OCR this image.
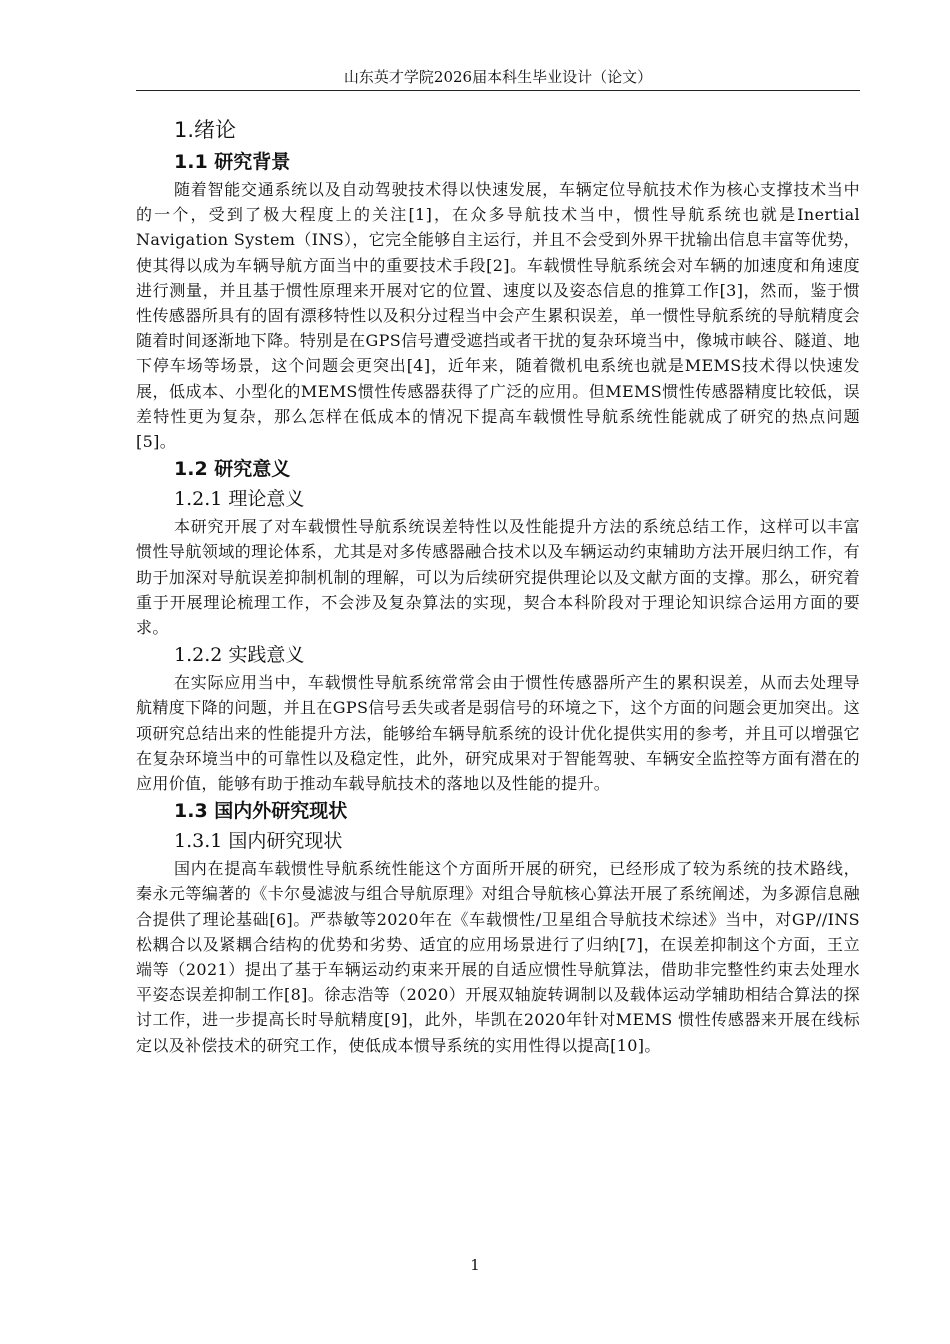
山东英才学院2026届本科生毕业设计（论文）
1.绪论
1.1 研究背景

随着智能交通系统以及自动驾驶技术得以快速发展，车辆定位导航技术作为核心支撑技术当中的一个，受到了极大程度上的关注[1]，在众多导航技术当中，惯性导航系统也就是Inertial Navigation System（INS），它完全能够自主运行，并且不会受到外界干扰输出信息丰富等优势，使其得以成为车辆导航方面当中的重要技术手段[2]。车载惯性导航系统会对车辆的加速度和角速度进行测量，并且基于惯性原理来开展对它的位置、速度以及姿态信息的推算工作[3]，然而，鉴于惯性传感器所具有的固有漂移特性以及积分过程当中会产生累积误差，单一惯性导航系统的导航精度会随着时间逐渐地下降。特别是在GPS信号遭受遮挡或者干扰的复杂环境当中，像城市峡谷、隧道、地下停车场等场景，这个问题会更突出[4]，近年来，随着微机电系统也就是MEMS技术得以快速发展，低成本、小型化的MEMS惯性传感器获得了广泛的应用。但MEMS惯性传感器精度比较低，误差特性更为复杂，那么怎样在低成本的情况下提高车载惯性导航系统性能就成了研究的热点问题[5]。

1.2 研究意义
1.2.1 理论意义

本研究开展了对车载惯性导航系统误差特性以及性能提升方法的系统总结工作，这样可以丰富惯性导航领域的理论体系，尤其是对多传感器融合技术以及车辆运动约束辅助方法开展归纳工作，有助于加深对导航误差抑制机制的理解，可以为后续研究提供理论以及文献方面的支撑。那么，研究着重于开展理论梳理工作，不会涉及复杂算法的实现，契合本科阶段对于理论知识综合运用方面的要求。

1.2.2 实践意义

在实际应用当中，车载惯性导航系统常常会由于惯性传感器所产生的累积误差，从而去处理导航精度下降的问题，并且在GPS信号丢失或者是弱信号的环境之下，这个方面的问题会更加突出。这项研究总结出来的性能提升方法，能够给车辆导航系统的设计优化提供实用的参考，并且可以增强它在复杂环境当中的可靠性以及稳定性，此外，研究成果对于智能驾驶、车辆安全监控等方面有潜在的应用价值，能够有助于推动车载导航技术的落地以及性能的提升。

1.3 国内外研究现状
1.3.1 国内研究现状

国内在提高车载惯性导航系统性能这个方面所开展的研究，已经形成了较为系统的技术路线，秦永元等编著的《卡尔曼滤波与组合导航原理》对组合导航核心算法开展了系统阐述，为多源信息融合提供了理论基础[6]。严恭敏等2020年在《车载惯性/卫星组合导航技术综述》当中，对GP//INS松耦合以及紧耦合结构的优势和劣势、适宜的应用场景进行了归纳[7]，在误差抑制这个方面，王立端等（2021）提出了基于车辆运动约束来开展的自适应惯性导航算法，借助非完整性约束去处理水平姿态误差抑制工作[8]。徐志浩等（2020）开展双轴旋转调制以及载体运动学辅助相结合算法的探讨工作，进一步提高长时导航精度[9]，此外，毕凯在2020年针对MEMS 惯性传感器来开展在线标定以及补偿技术的研究工作，使低成本惯导系统的实用性得以提高[10]。

1
